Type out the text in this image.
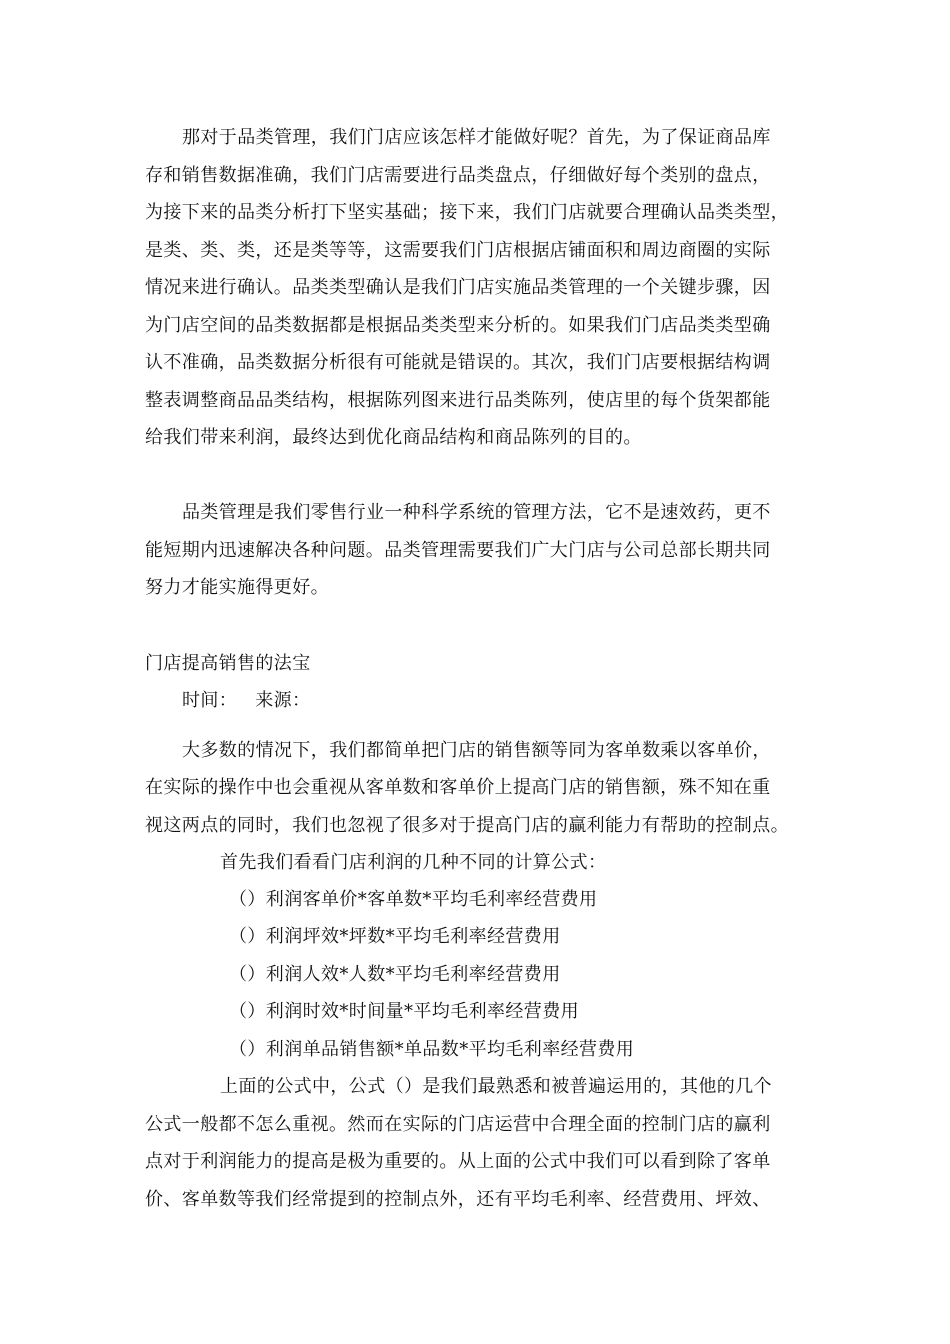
那对于品类管理，我们门店应该怎样才能做好呢？首先，为了保证商品库
存和销售数据准确，我们门店需要进行品类盘点，仔细做好每个类别的盘点，
为接下来的品类分析打下坚实基础；接下来，我们门店就要合理确认品类类型，
是类、类、类，还是类等等，这需要我们门店根据店铺面积和周边商圈的实际
情况来进行确认。品类类型确认是我们门店实施品类管理的一个关键步骤，因
为门店空间的品类数据都是根据品类类型来分析的。如果我们门店品类类型确
认不准确，品类数据分析很有可能就是错误的。其次，我们门店要根据结构调
整表调整商品品类结构，根据陈列图来进行品类陈列，使店里的每个货架都能
给我们带来利润，最终达到优化商品结构和商品陈列的目的。
品类管理是我们零售行业一种科学系统的管理方法，它不是速效药，更不
能短期内迅速解决各种问题。品类管理需要我们广大门店与公司总部长期共同
努力才能实施得更好。
门店提高销售的法宝
时间： 来源：
大多数的情况下，我们都简单把门店的销售额等同为客单数乘以客单价，
在实际的操作中也会重视从客单数和客单价上提高门店的销售额，殊不知在重
视这两点的同时，我们也忽视了很多对于提高门店的赢利能力有帮助的控制点。
首先我们看看门店利润的几种不同的计算公式：
（）利润客单价*客单数*平均毛利率经营费用
（）利润坪效*坪数*平均毛利率经营费用
（）利润人效*人数*平均毛利率经营费用
（）利润时效*时间量*平均毛利率经营费用
（）利润单品销售额*单品数*平均毛利率经营费用
上面的公式中，公式（）是我们最熟悉和被普遍运用的，其他的几个
公式一般都不怎么重视。然而在实际的门店运营中合理全面的控制门店的赢利
点对于利润能力的提高是极为重要的。从上面的公式中我们可以看到除了客单
价、客单数等我们经常提到的控制点外，还有平均毛利率、经营费用、坪效、
